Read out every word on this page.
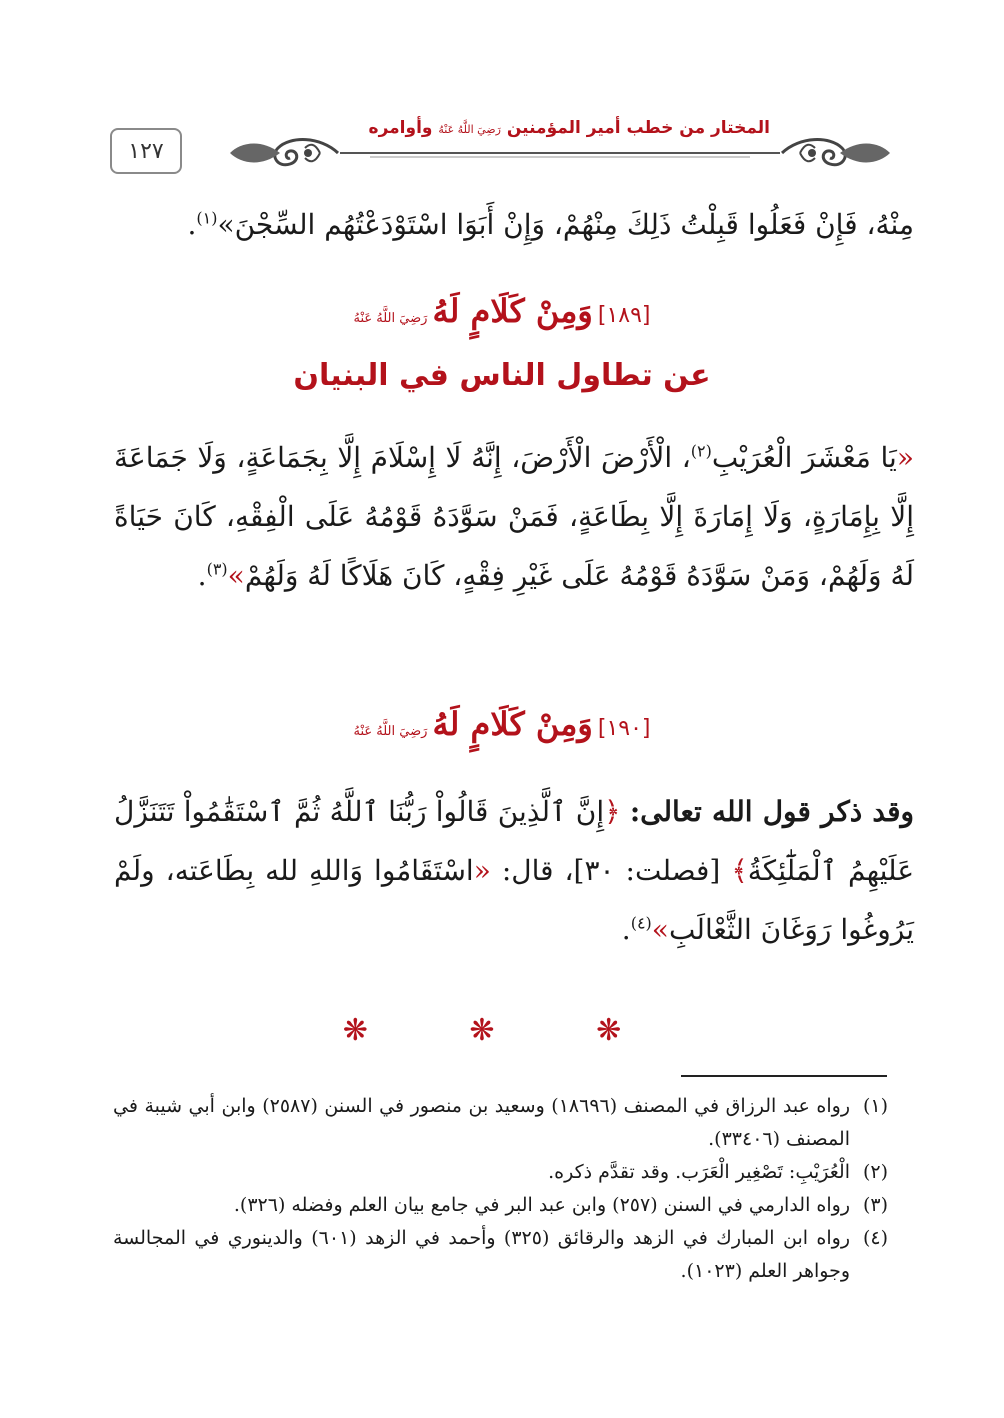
١٢٧
المختار من خطب أمير المؤمنين رَضِيَ اللَّهُ عَنْهُ وأوامره
مِنْهُ، فَإِنْ فَعَلُوا قَبِلْتُ ذَلِكَ مِنْهُمْ، وَإِنْ أَبَوَا اسْتَوْدَعْتُهُم السِّجْنَ»$^{(١)}$.
[١٨٩] وَمِنْ كَلَامٍ لَهُ رَضِيَ اللَّهُ عَنْهُ
عن تطاول الناس في البنيان
«يَا مَعْشَرَ الْعُرَيْبِ$^{(٢)}$، الْأَرْضَ الْأَرْضَ، إِنَّهُ لَا إِسْلَامَ إِلَّا بِجَمَاعَةٍ، وَلَا جَمَاعَةَ إِلَّا بِإِمَارَةٍ، وَلَا إِمَارَةَ إِلَّا بِطَاعَةٍ، فَمَنْ سَوَّدَهُ قَوْمُهُ عَلَى الْفِقْهِ، كَانَ حَيَاةً لَهُ وَلَهُمْ، وَمَنْ سَوَّدَهُ قَوْمُهُ عَلَى غَيْرِ فِقْهٍ، كَانَ هَلَاكًا لَهُ وَلَهُمْ»$^{(٣)}$.
[١٩٠] وَمِنْ كَلَامٍ لَهُ رَضِيَ اللَّهُ عَنْهُ
وقد ذكر قول الله تعالى: ﴿إِنَّ ٱلَّذِينَ قَالُواْ رَبُّنَا ٱللَّهُ ثُمَّ ٱسْتَقَٰمُواْ تَتَنَزَّلُ عَلَيْهِمُ ٱلْمَلَٰٓئِكَةُ﴾ [فصلت: ٣٠]، قال: «اسْتَقَامُوا وَاللهِ لله بِطَاعَته، ولَمْ يَرُوغُوا رَوَغَانَ الثَّعْالَبِ»$^{(٤)}$.
❋ ❋ ❋
(١)
رواه عبد الرزاق في المصنف (١٨٦٩٦) وسعيد بن منصور في السنن (٢٥٨٧) وابن أبي شيبة في المصنف (٣٣٤٠٦).
(٢)
الْعُرَيْبِ: تَصْغِير الْعَرَب. وقد تقدَّم ذكره.
(٣)
رواه الدارمي في السنن (٢٥٧) وابن عبد البر في جامع بيان العلم وفضله (٣٢٦).
(٤)
رواه ابن المبارك في الزهد والرقائق (٣٢٥) وأحمد في الزهد (٦٠١) والدينوري في المجالسة وجواهر العلم (١٠٢٣).
